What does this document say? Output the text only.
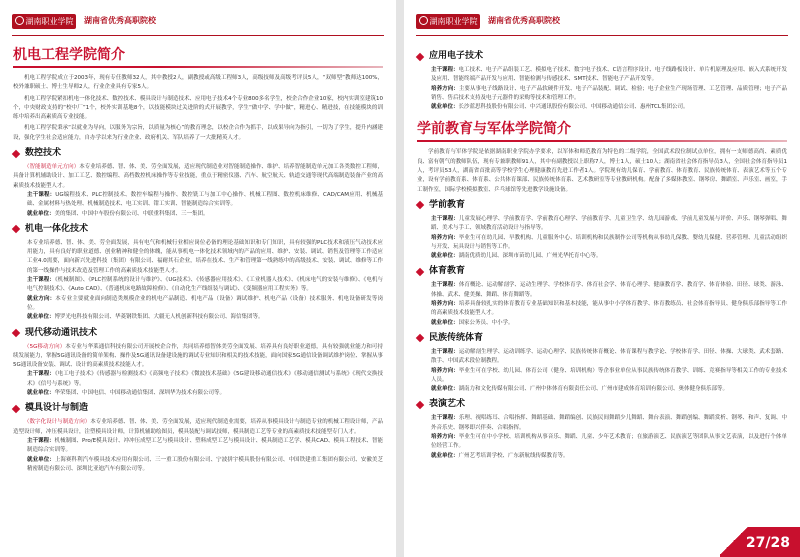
湖南职业学院	湖南省优秀高职院校
机电工程学院简介
机电工程学院成立于2003年，现有专任教师32人，其中教授2人，副教授或高级工程师3人，高级技师及高级考评员5人，“双师型”教师达100%，校外兼职硕士、博士生导师2人，行业企业具有专家5人。
机电工程学院紧扣机电一体化技术、数控技术、模具设计与制造技术、应用电子技术4个专业800多名学生，校企合作企业10家，校内实训室建筑10个，中央财政支持的“校中厂”1个，校外实训基地8个，以技能模块过关进阶的式开展教学，学生“做中学、学中做”，精进心、精进技，在技能模块的训练中培养出高素质高专业技能。
机电工程学院秉承“以就业为导向，以服务为宗旨，以质量为核心”的教育理念，以校企合作为抓手，以成果导向为指引，一切为了学生，提升内涵建设，强化学生社会适应能力，自办学以来为行业企业、政府机关、军队培养了一大批精英人才。
数控技术
（智能制造单元方向）本专业培养德、智、体、美、劳全面发展，适应现代制造业对智能制造操作、维护、培养智能制造单元加工各类数控工程师，具备计算机辅助设计、加工工艺、数控编程、高档数控机床操作等专业技能，重点于精密仪器、汽车、航空航天、轨道交通等现代高端制造装备产业的高素质技术技能型人才。
主干课程：UG编程技术、PLC控制技术、数控车编程与操作、数控铣工与加工中心操作、机械工程图、数控机床维修、CAD/CAM应用、机械基础、金属材料与热处理、机械制造技术、电工实训、钳工实训、智能制造综合实训等。
就业单位：美的集团、中国中车股份有限公司、中联重科集团、三一集团。
机电一体化技术
本专业培养德、智、体、美、劳全面发展，具有电气和机械行业相应岗位必备的理论基础知识和专门知识，具有较强的PLC技术和液压气动技术应用能力，具有良好的职业道德、创业精神和健全的体魄，能从事机电一体化技术领域内的产品的应用、维护、安装、调试、销售及管理等工作适应工业4.0需要，面向新兴先进科技（集团）有限公司、福耐其石企业，培养在技术、生产和管理第一线熟练中的高级技术、安装、调试、维修等工作的第一线操作与技术改造及管理工作的高素质技术技能型人才。
主干课程：《机械制图》、《PLC控制系统的设计与维护》、《UG技术》、《传感器应用技术》、《工业机器人技术》、《机床电气的安装与维修》、《电机与电气控制技术》、《Auto CAD》、《普通机床电路故障检修》、《自动化生产线组装与调试》、《变频器应用工程实务》等。
就业方向：本专业主要就业面向制造类规模企业的机电产品制造、机电产品（设备）调试维护、机电产品（设备）技术服务、机电设备研发等岗位。
就业单位：博罗光电科技有限公司、华菱钢铁集团、大疆无人机创新科技有限公司、海信集团等。
现代移动通讯技术
（5G移动方向）本专业与华莱通信科技有限公司开展校企合作，共同培养德智体美劳全面发展、培养具有良好职业道德，具有较强就业能力和可持续发展能力，掌握5G通讯设备的简单架构、操作及5G通讯设备建设施的调试专业知识和相关的技术技能，面向国家5G通信设备调试维护岗位、掌握从事5G通讯设备安装、调试、设计的高素质技术技能人才。
主干课程：《电工电子技术》《传感器与检测技术》《高频电子技术》《微波技术基础》《5G建设移动通信技术》《移动通信测试与系统》《现代交换技术》《信号与系统》等。
就业单位：华荣集团、中国电信、中国移动通信集团、深圳华为技术有限公司等。
模具设计与制造
（数字化设计与制造方向）本专业培养德、智、体、美、劳全面发展，适应现代制造业需要，培养从事模具设计与制造专业的机械工程设计师，产品造型设计师，冲压模具设计，注塑模具设计师，计算机辅助绘图员，模具装配与调试技师，模具制造工艺等专业的高素质技术技能型专门人才。
主干课程：机械制图、Pro/E模具设计、冲冲压成型工艺与模具设计、塑料成型工艺与模具设计、模具制造工艺学、模具CAD、模具工程技术、智能制造综合实训等。
就业单位：上海赛科利汽车模具技术应用有限公司、三一重工股份有限公司、宁波拼宇模具股份有限公司、中国铁建重工集团有限公司、安徽美芝精密制造有限公司、深圳比亚迪汽车有限公司等。
湖南职业学院	湖南省优秀高职院校
应用电子技术
主干课程：电工技术、电子产品组装工艺、模拟电子技术、数字电子技术、C语言程序设计、电子线路板设计、单片机原理及应用、嵌入式系统开发及应用、智能终端产品开发与应用、智能检测与传感技术、SMT技术、智能电子产品开发等。
培养方向：主要从事电子线路设计、电子产品软硬件开发、电子产品装配、调试、检验；电子企业生产现场管理、工艺管理、品质管理；电子产品销售、售后技术支持及电子元器件的采购等技术和管理工作。
就业单位：长沙蓝思科技股份有限公司、中兴通讯股份有限公司、中国移动通信公司、惠州TCL集团公司。
学前教育与军体学院简介
学前教育与军体学院是依据湖南职业学院办学要求，以军体和师范教育为特色的二级学院，全国武术段位制试点单位，拥有一支师德高尚、素质优良、富有朝气的教师队伍，现有专兼职教师91人，其中有副教授以上职称7人，博士1人，硕士10人；湖南省社会体育指导员3人，全国社会体育指导员1人，考评员53人，湖南省首批高等学校学生心理健康教育先进工作者1人。学院现有幼儿保育、学前教育、体育教育、民族传统体育、表演艺术等五个专业，设有学前教育系、体育系、公共体育课部、民族传统体育系、艺术教研室等专业教研机构。配备了多媒体教室、钢琴房、舞蹈室、声乐室、画室，手工制作室，国际学校模拟教室、乒乓球馆等先进教学设施设备。
学前教育
主干课程：儿童发展心理学、学前教育学、学前教育心理学、学前教育学、儿童卫生学、幼儿园游戏、学前儿童发展与评价、声乐、钢琴弹唱、舞蹈、美术与手工、领域教育活动设计与指导等。
培养方向：毕业生可在幼儿园、早教机构、儿童服务中心、培训机构和民族制作公司等机构从事幼儿保教、婴幼儿保健、营养管理、儿童活动组织与开发、玩具设计与销售等工作。
就业单位：湖南优质幼儿园、深圳市苗幼儿园、广州光华托育中心等。
体育教育
主干课程：体育概论、运动解剖学、运动生理学、学校体育学、体育社会学、体育心理学、健康教育学、教育学、体育体验、田径、球类、游泳、体操、武术、健美操、舞蹈、体育舞蹈等。
培养方向：培养具备较扎实的体育教育专业基础知识和基本技能，能从事中小学体育教学、体育教练员、社会体育指导员、健身俱乐部指导等工作的高素质技术技能型人才。
就业单位：国家公务员、中小学。
民族传统体育
主干课程：运动解剖生理学、运动训练学、运动心理学、民族传统体育概论、体育课程与教学论、学校体育学、田径、体操、大球类、武术套路、散手、中国武术段位制教程。
培养方向：毕业生可在学校、幼儿园、体育公司（健身、培训机构）等企事业单位从事民族传统体育教学、训练、竞赛指导等相关工作的专业技术人员。
就业单位：湖南力和文化传媒有限公司、广州中体体育有限责任公司、广州市建成体育培训有限公司、奥体健身俱乐部等。
表演艺术
主干课程：乐理、视唱练耳、合唱指挥、舞蹈基础、舞蹈编创、民族民间舞蹈少儿舞蹈、舞台表演、舞蹈创编、舞蹈赏析、钢琴、和声、复调、中外音乐史、钢琴即兴伴奏、合唱指挥。
培养方向：毕业生可在中小学校、培训机构从事音乐、舞蹈、儿童、少年艺术教育；在旅游演艺、民族演艺等团队从事文艺表演，以及进行个体单位经营工作。
就业单位：广州艺考培训学校、广东新航线传媒教育等。
27/28
